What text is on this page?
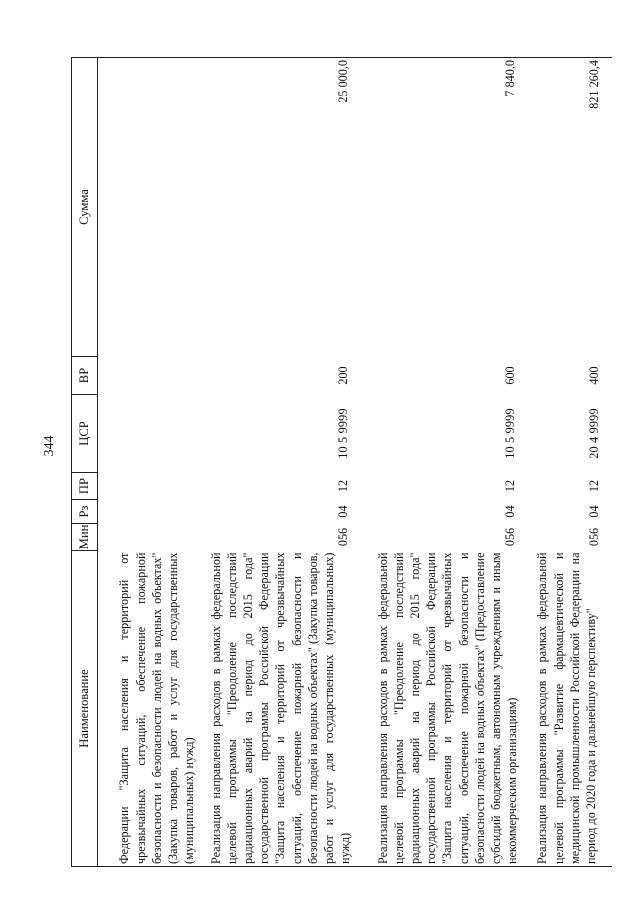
344
Наименование	Мин	Рз	ПР	ЦСР	ВР	Сумма
Федерации "Защита населения и территорий от чрезвычайных ситуаций, обеспечение пожарной безопасности и безопасности людей на водных объектах" (Закупка товаров, работ и услуг для государственных (муниципальных) нужд)						
Реализация направления расходов в рамках федеральной целевой программы "Преодоление последствий радиационных аварий на период до 2015 года" государственной программы Российской Федерации "Защита населения и территорий от чрезвычайных ситуаций, обеспечение пожарной безопасности и безопасности людей на водных объектах" (Закупка товаров, работ и услуг для государственных (муниципальных) нужд)	056	04	12	10 5 9999	200	25 000,0
Реализация направления расходов в рамках федеральной целевой программы "Преодоление последствий радиационных аварий на период до 2015 года" государственной программы Российской Федерации "Защита населения и территорий от чрезвычайных ситуаций, обеспечение пожарной безопасности и безопасности людей на водных объектах" (Предоставление субсидий бюджетным, автономным учреждениям и иным некоммерческим организациям)	056	04	12	10 5 9999	600	7 840,0
Реализация направления расходов в рамках федеральной целевой программы "Развитие фармацевтической и медицинской промышленности Российской Федерации на период до 2020 года и дальнейшую перспективу"	056	04	12	20 4 9999	400	821 260,4
